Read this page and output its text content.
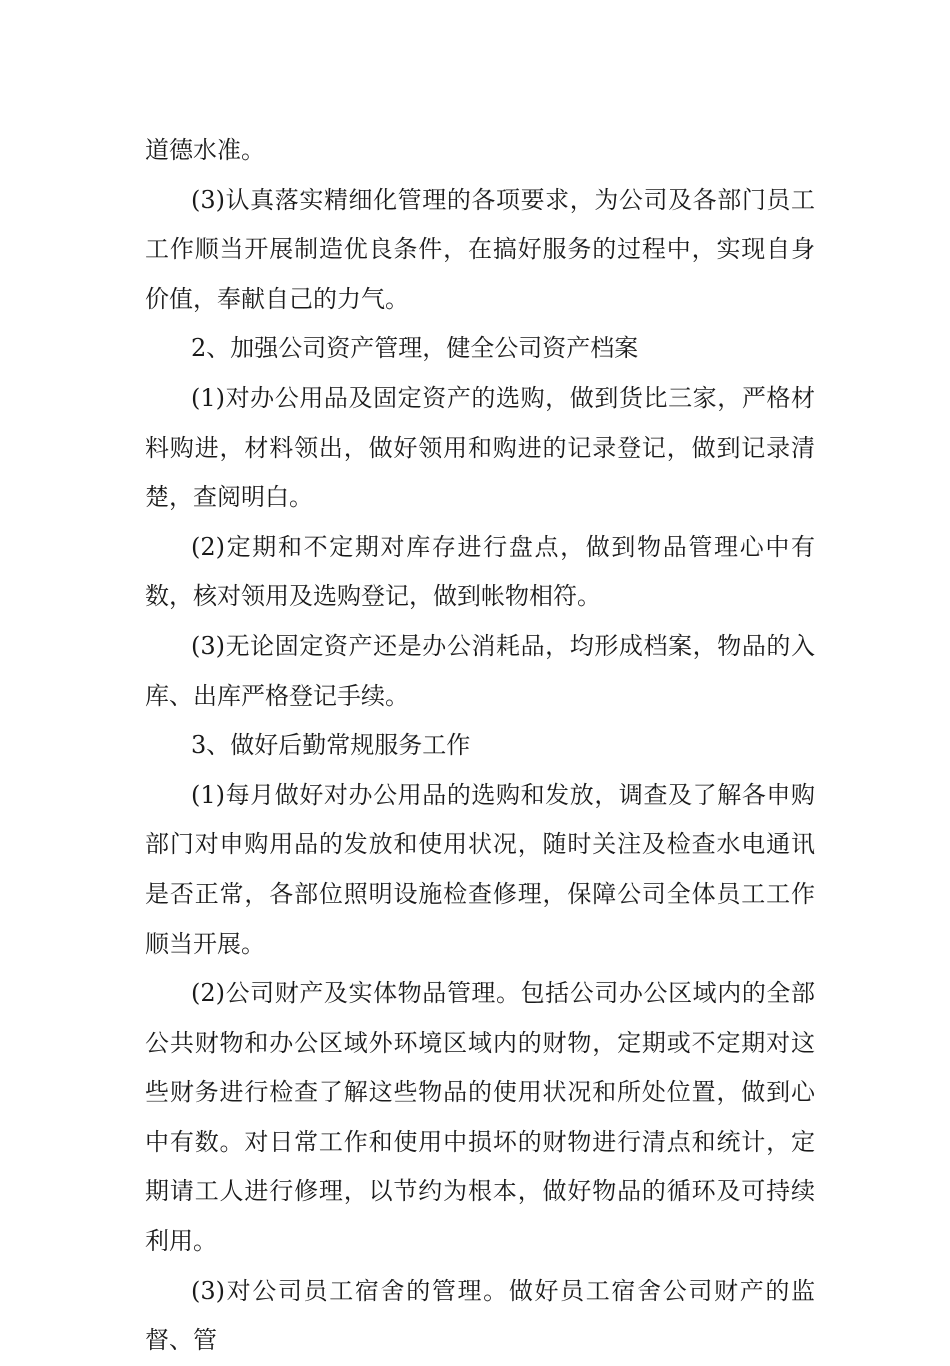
道德水准。

(3)认真落实精细化管理的各项要求，为公司及各部门员工工作顺当开展制造优良条件，在搞好服务的过程中，实现自身价值，奉献自己的力气。

2、加强公司资产管理，健全公司资产档案

(1)对办公用品及固定资产的选购，做到货比三家，严格材料购进，材料领出，做好领用和购进的记录登记，做到记录清楚，查阅明白。

(2)定期和不定期对库存进行盘点，做到物品管理心中有数，核对领用及选购登记，做到帐物相符。

(3)无论固定资产还是办公消耗品，均形成档案，物品的入库、出库严格登记手续。

3、做好后勤常规服务工作

(1)每月做好对办公用品的选购和发放，调查及了解各申购部门对申购用品的发放和使用状况，随时关注及检查水电通讯是否正常，各部位照明设施检查修理，保障公司全体员工工作顺当开展。

(2)公司财产及实体物品管理。包括公司办公区域内的全部公共财物和办公区域外环境区域内的财物，定期或不定期对这些财务进行检查了解这些物品的使用状况和所处位置，做到心中有数。对日常工作和使用中损坏的财物进行清点和统计，定期请工人进行修理，以节约为根本，做好物品的循环及可持续利用。

(3)对公司员工宿舍的管理。做好员工宿舍公司财产的监督、管
